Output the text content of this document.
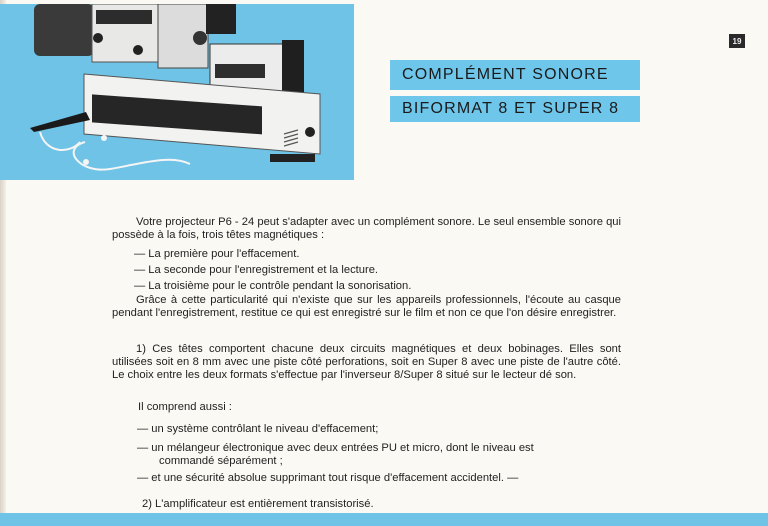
19
COMPLÉMENT SONORE
BIFORMAT 8 ET SUPER 8
Votre projecteur P6 - 24 peut s'adapter avec un complément sonore. Le seul ensemble sonore qui possède à la fois, trois têtes magnétiques :
— La première pour l'effacement.
— La seconde pour l'enregistrement et la lecture.
— La troisième pour le contrôle pendant la sonorisation.
Grâce à cette particularité qui n'existe que sur les appareils professionnels, l'écoute au casque pendant l'enregistrement, restitue ce qui est enregistré sur le film et non ce que l'on désire enregistrer.
1) Ces têtes comportent chacune deux circuits magnétiques et deux bobinages. Elles sont utilisées soit en 8 mm avec une piste côté perforations, soit en Super 8 avec une piste de l'autre côté. Le choix entre les deux formats s'effectue par l'inverseur 8/Super 8 situé sur le lecteur dé son.
Il comprend aussi :
— un système contrôlant le niveau d'effacement;
— un mélangeur électronique avec deux entrées PU et micro, dont le niveau est
commandé séparément ;
— et une sécurité absolue supprimant tout risque d'effacement accidentel. —
2) L'amplificateur est entièrement transistorisé.
